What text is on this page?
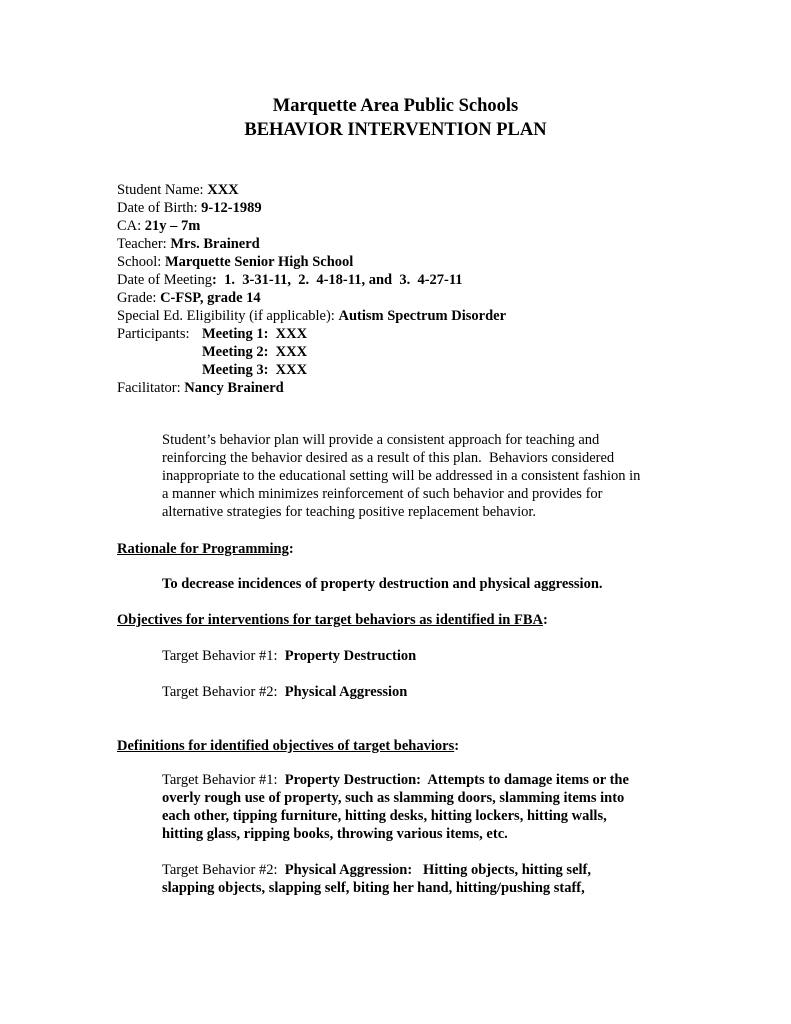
Marquette Area Public Schools
BEHAVIOR INTERVENTION PLAN
Student Name: XXX
Date of Birth: 9-12-1989
CA: 21y – 7m
Teacher: Mrs. Brainerd
School: Marquette Senior High School
Date of Meeting:  1.  3-31-11,  2.  4-18-11, and  3.  4-27-11
Grade: C-FSP, grade 14
Special Ed. Eligibility (if applicable): Autism Spectrum Disorder
Participants: Meeting 1:  XXX
Meeting 2:  XXX
Meeting 3:  XXX
Facilitator: Nancy Brainerd
Student’s behavior plan will provide a consistent approach for teaching and
reinforcing the behavior desired as a result of this plan.  Behaviors considered
inappropriate to the educational setting will be addressed in a consistent fashion in
a manner which minimizes reinforcement of such behavior and provides for
alternative strategies for teaching positive replacement behavior.
Rationale for Programming:
To decrease incidences of property destruction and physical aggression.
Objectives for interventions for target behaviors as identified in FBA:
Target Behavior #1: Property Destruction
Target Behavior #2: Physical Aggression
Definitions for identified objectives of target behaviors:
Target Behavior #1: Property Destruction:  Attempts to damage items or the
overly rough use of property, such as slamming doors, slamming items into
each other, tipping furniture, hitting desks, hitting lockers, hitting walls,
hitting glass, ripping books, throwing various items, etc.
Target Behavior #2: Physical Aggression:   Hitting objects, hitting self,
slapping objects, slapping self, biting her hand, hitting/pushing staff,
